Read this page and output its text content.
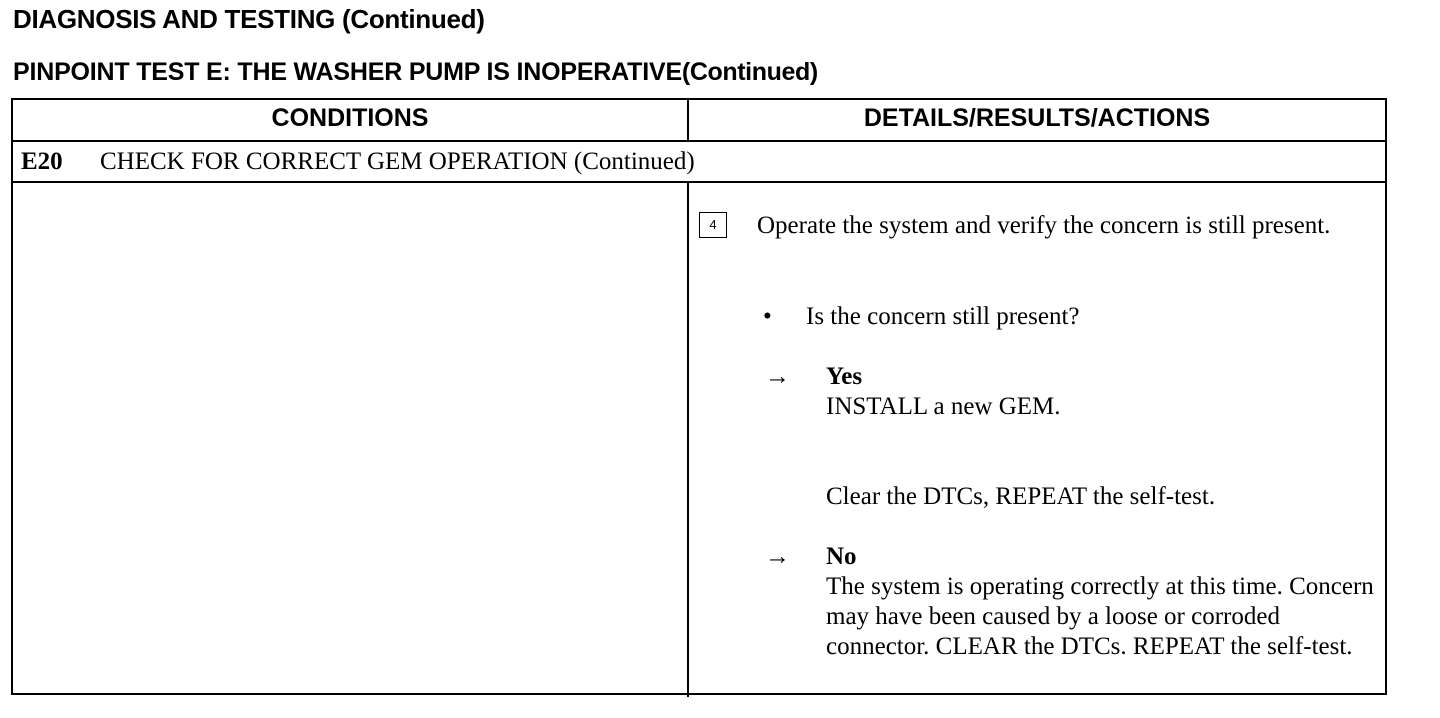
DIAGNOSIS AND TESTING (Continued)
PINPOINT TEST E: THE WASHER PUMP IS INOPERATIVE(Continued)
CONDITIONS	DETAILS/RESULTS/ACTIONS
E20 CHECK FOR CORRECT GEM OPERATION (Continued)
4	Operate the system and verify the concern is still present.
• Is the concern still present?
→ Yes
INSTALL a new GEM.
Clear the DTCs, REPEAT the self-test.
→ No
The system is operating correctly at this time. Concern may have been caused by a loose or corroded connector. CLEAR the DTCs. REPEAT the self-test.
